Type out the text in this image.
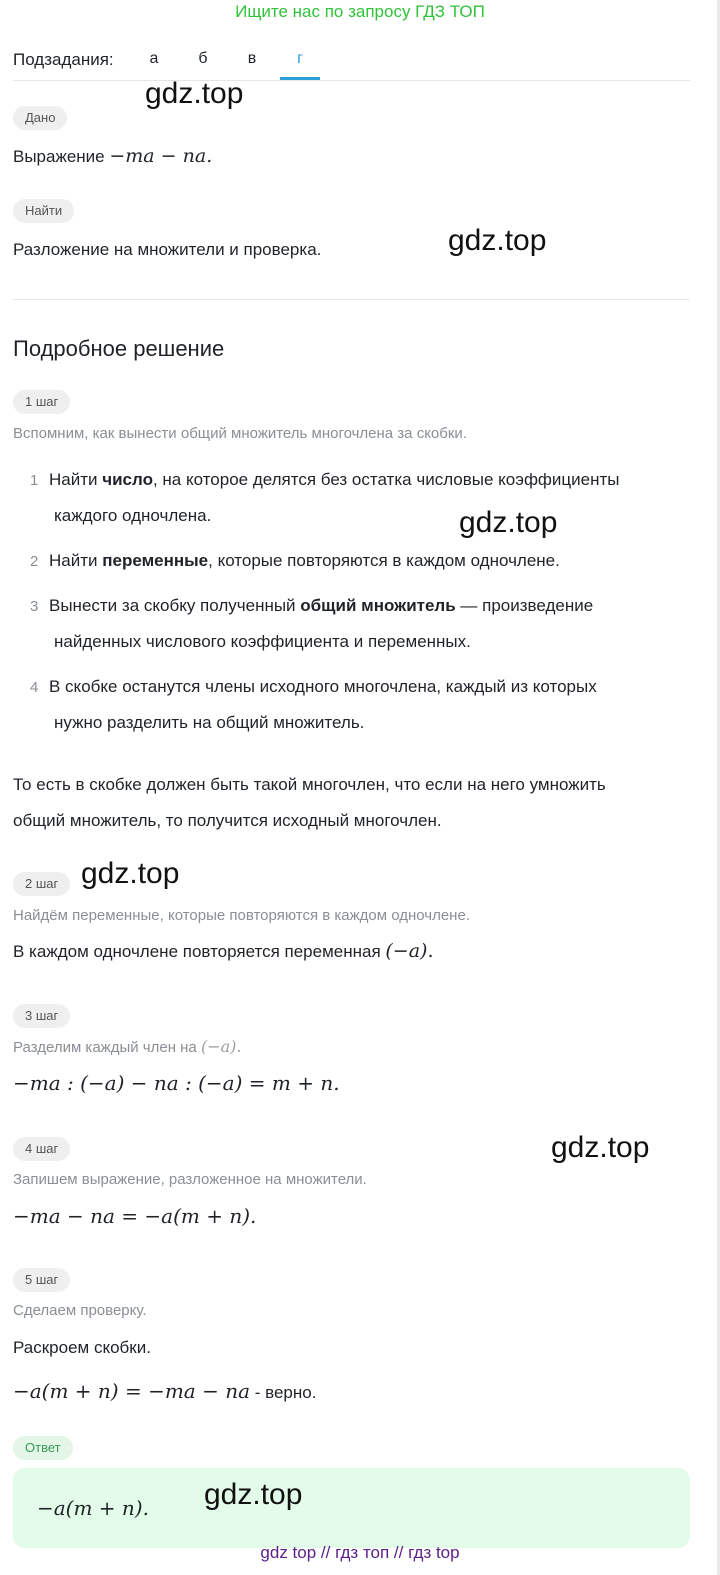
Ищите нас по запросу ГДЗ ТОП
Подзадания:	а	б	в	г
gdz.top
Дано
Выражение −ma − na.
Найти
Разложение на множители и проверка.	gdz.top
Подробное решение
1 шаг
Вспомним, как вынести общий множитель многочлена за скобки.
1 Найти число, на которое делятся без остатка числовые коэффициенты
каждого одночлена.	gdz.top
2 Найти переменные, которые повторяются в каждом одночлене.
3 Вынести за скобку полученный общий множитель — произведение
найденных числового коэффициента и переменных.
4 В скобке останутся члены исходного многочлена, каждый из которых
нужно разделить на общий множитель.
То есть в скобке должен быть такой многочлен, что если на него умножить
общий множитель, то получится исходный многочлен.
gdz.top
2 шаг
Найдём переменные, которые повторяются в каждом одночлене.
В каждом одночлене повторяется переменная (−a).
3 шаг
Разделим каждый член на (−a).
−ma : (−a) − na : (−a) = m + n.
gdz.top
4 шаг
Запишем выражение, разложенное на множители.
−ma − na = −a(m + n).
5 шаг
Сделаем проверку.
Раскроем скобки.
−a(m + n) = −ma − na - верно.
Ответ
−a(m + n). gdz.top
gdz top // гдз топ // гдз top
